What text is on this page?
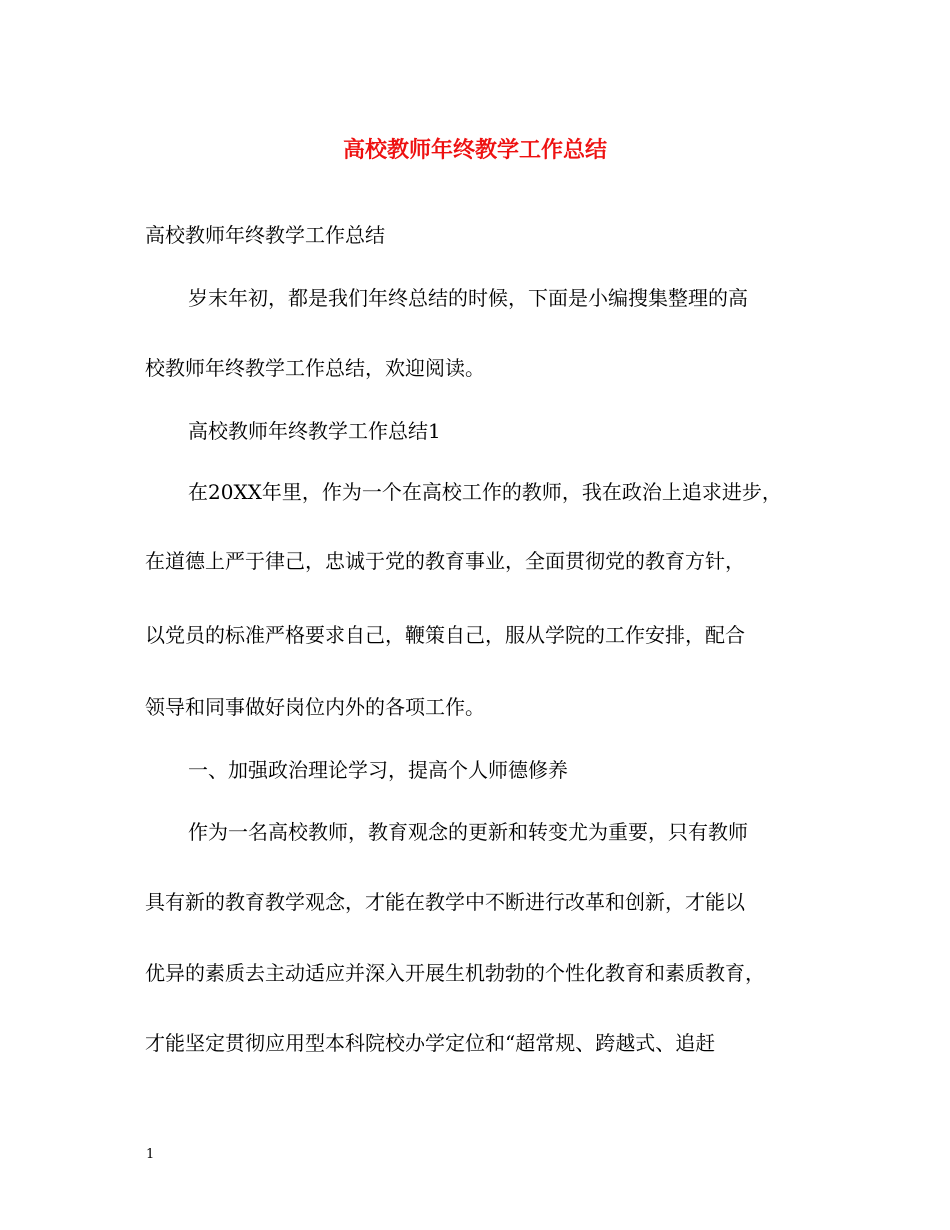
高校教师年终教学工作总结
高校教师年终教学工作总结
岁末年初，都是我们年终总结的时候，下面是小编搜集整理的高
校教师年终教学工作总结，欢迎阅读。
高校教师年终教学工作总结1
在20XX年里，作为一个在高校工作的教师，我在政治上追求进步，
在道德上严于律己，忠诚于党的教育事业，全面贯彻党的教育方针，
以党员的标准严格要求自己，鞭策自己，服从学院的工作安排，配合
领导和同事做好岗位内外的各项工作。
一、加强政治理论学习，提高个人师德修养
作为一名高校教师，教育观念的更新和转变尤为重要，只有教师
具有新的教育教学观念，才能在教学中不断进行改革和创新，才能以
优异的素质去主动适应并深入开展生机勃勃的个性化教育和素质教育，
才能坚定贯彻应用型本科院校办学定位和“超常规、跨越式、追赶
1
